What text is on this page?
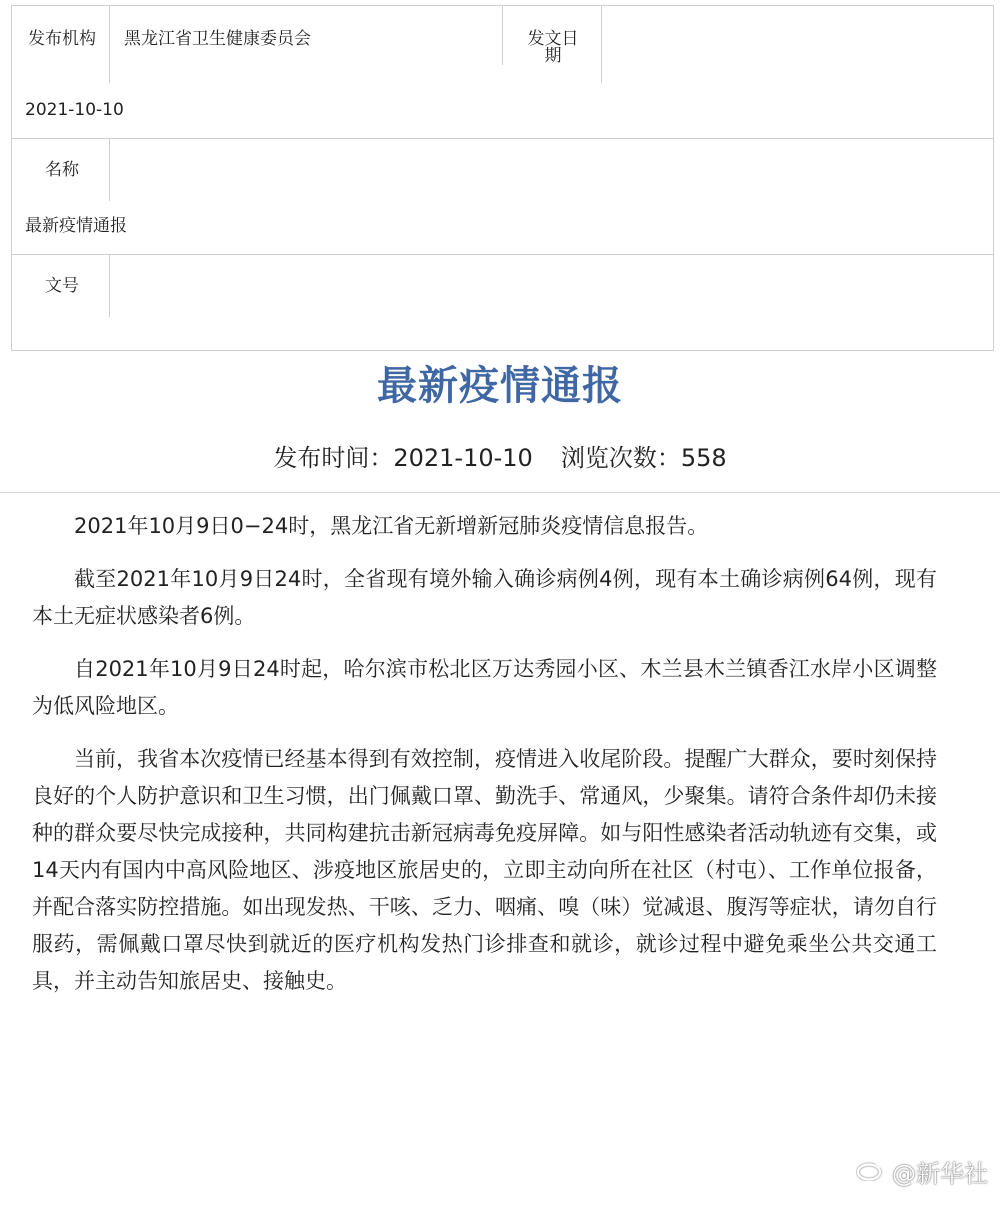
发布机构 黑龙江省卫生健康委员会	发文日期
2021-10-10
名称
最新疫情通报
文号
最新疫情通报
发布时间：2021-10-10 浏览次数：558

2021年10月9日0−24时，黑龙江省无新增新冠肺炎疫情信息报告。

截至2021年10月9日24时，全省现有境外输入确诊病例4例，现有本土确诊病例64例，现有本土无症状感染者6例。

自2021年10月9日24时起，哈尔滨市松北区万达秀园小区、木兰县木兰镇香江水岸小区调整为低风险地区。

当前，我省本次疫情已经基本得到有效控制，疫情进入收尾阶段。提醒广大群众，要时刻保持良好的个人防护意识和卫生习惯，出门佩戴口罩、勤洗手、常通风，少聚集。请符合条件却仍未接种的群众要尽快完成接种，共同构建抗击新冠病毒免疫屏障。如与阳性感染者活动轨迹有交集，或14天内有国内中高风险地区、涉疫地区旅居史的，立即主动向所在社区（村屯）、工作单位报备，并配合落实防控措施。如出现发热、干咳、乏力、咽痛、嗅（味）觉减退、腹泻等症状，请勿自行服药，需佩戴口罩尽快到就近的医疗机构发热门诊排查和就诊，就诊过程中避免乘坐公共交通工具，并主动告知旅居史、接触史。

@新华社
